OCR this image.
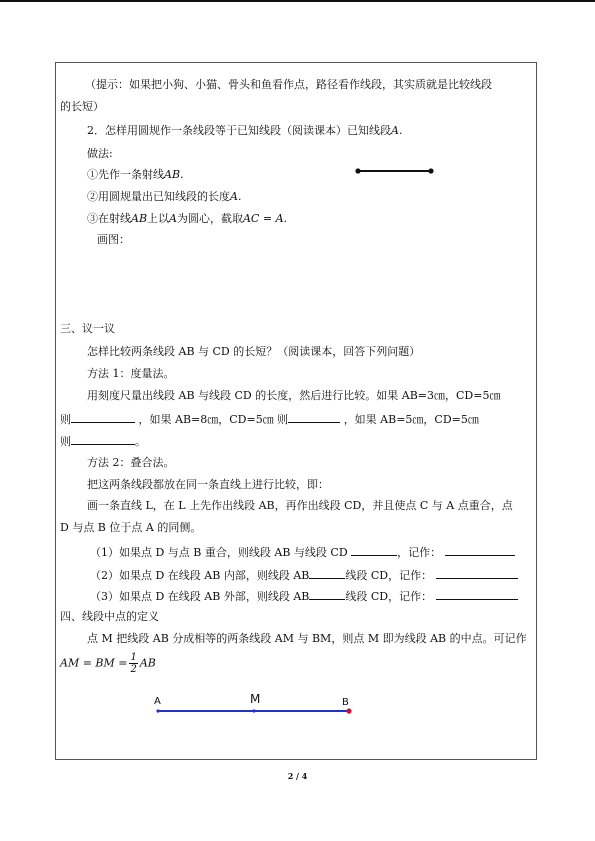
（提示：如果把小狗、小猫、骨头和鱼看作点，路径看作线段，其实质就是比较线段
的长短）
2．怎样用圆规作一条线段等于已知线段（阅读课本）已知线段A.
做法:
①先作一条射线AB.
②用圆规量出已知线段的长度A.
③在射线AB上以A为圆心，截取AC = A.
画图：
三、议一议
怎样比较两条线段 AB 与 CD 的长短？（阅读课本，回答下列问题）
方法 1：度量法。
用刻度尺量出线段 AB 与线段 CD 的长度，然后进行比较。如果 AB=3㎝，CD=5㎝
则	，如果 AB=8㎝，CD=5㎝ 则	，如果 AB=5㎝，CD=5㎝
则	。
方法 2：叠合法。
把这两条线段都放在同一条直线上进行比较，即：
画一条直线 L，在 L 上先作出线段 AB，再作出线段 CD，并且使点 C 与 A 点重合，点
D 与点 B 位于点 A 的同侧。
（1）如果点 D 与点 B 重合，则线段 AB 与线段 CD	，记作：
（2）如果点 D 在线段 AB 内部，则线段 AB	线段 CD，记作：
（3）如果点 D 在线段 AB 外部，则线段 AB	线段 CD，记作：
四、线段中点的定义
点 M 把线段 AB 分成相等的两条线段 AM 与 BM，则点 M 即为线段 AB 的中点。可记作
AM = BM = $\frac{1}{2}$ AB
A	M	B
2 / 4
